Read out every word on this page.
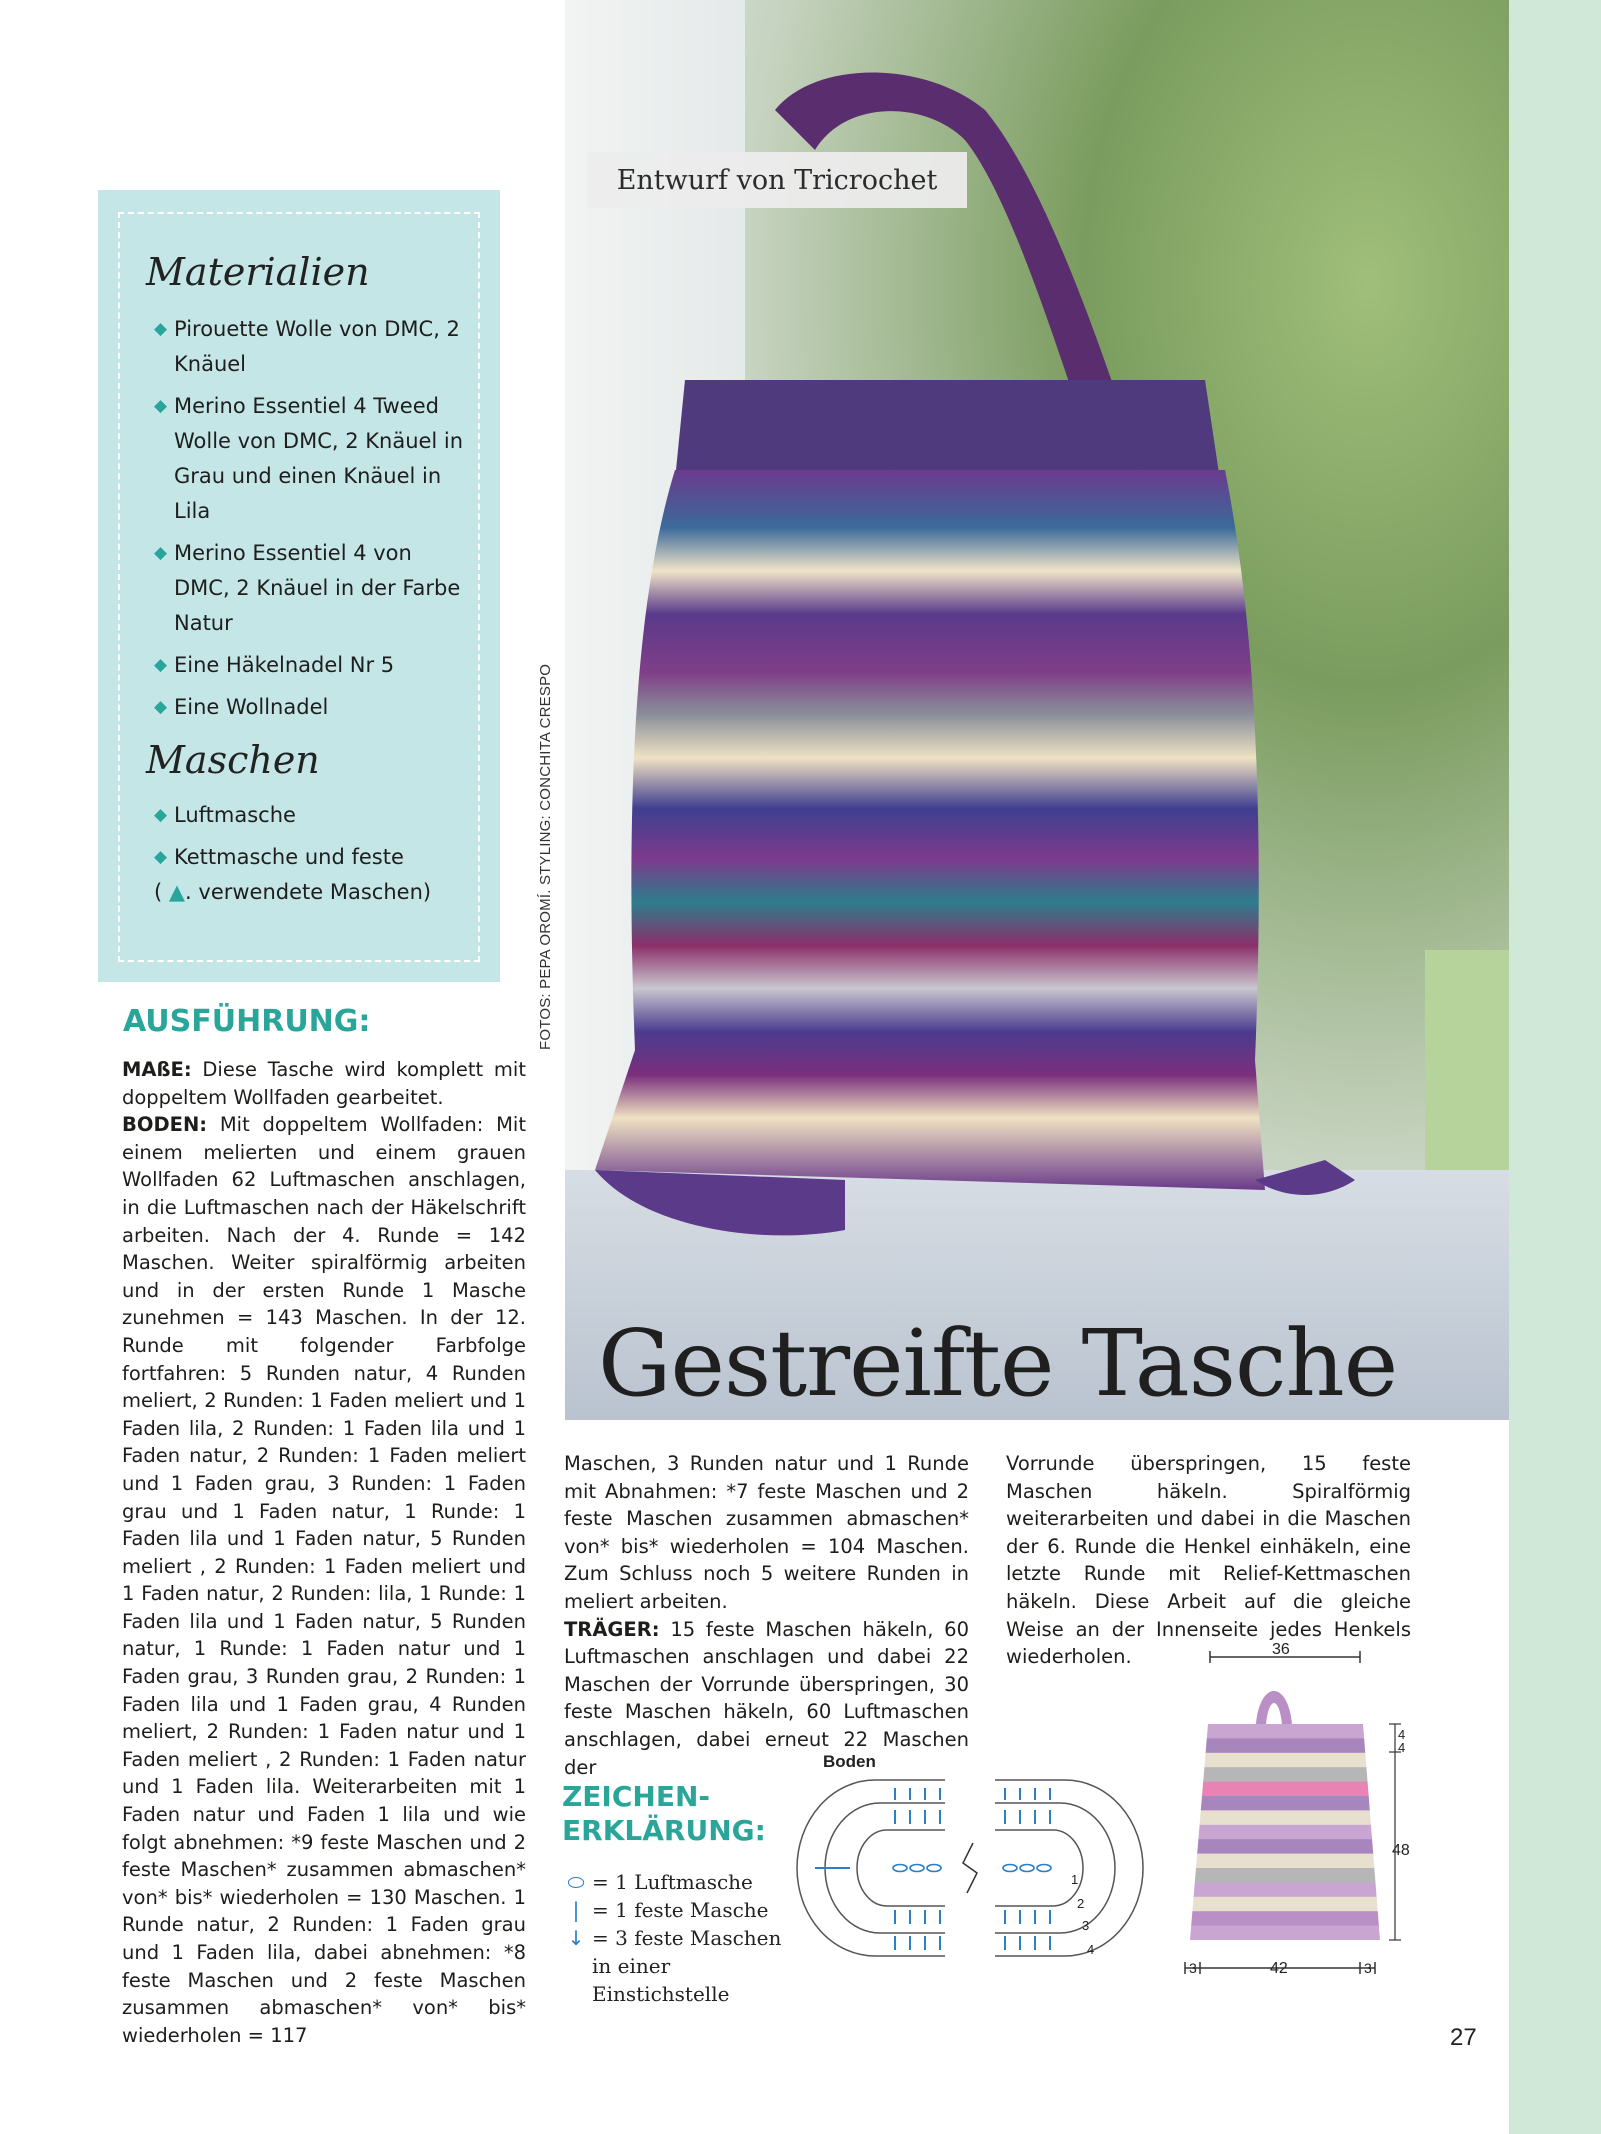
Entwurf von Tricrochet
FOTOS: PEPA OROMÍ. STYLING: CONCHITA CRESPO
Gestreifte Tasche
Materialien
◆ Pirouette Wolle von DMC, 2 Knäuel
◆ Merino Essentiel 4 Tweed Wolle von DMC, 2 Knäuel in Grau und einen Knäuel in Lila
◆ Merino Essentiel 4 von DMC, 2 Knäuel in der Farbe Natur
◆ Eine Häkelnadel Nr 5
◆ Eine Wollnadel
Maschen
◆ Luftmasche
◆ Kettmasche und feste
( ▲. verwendete Maschen)
AUSFÜHRUNG:
MAßE: Diese Tasche wird komplett mit doppeltem Wollfaden gearbeitet.
BODEN: Mit doppeltem Wollfaden: Mit einem melierten und einem grauen Wollfaden 62 Luftmaschen anschlagen, in die Luftmaschen nach der Häkelschrift arbeiten. Nach der 4. Runde = 142 Maschen. Weiter spiralförmig arbeiten und in der ersten Runde 1 Masche zunehmen = 143 Maschen. In der 12. Runde mit folgender Farbfolge fortfahren: 5 Runden natur, 4 Runden meliert, 2 Runden: 1 Faden meliert und 1 Faden lila, 2 Runden: 1 Faden lila und 1 Faden natur, 2 Runden: 1 Faden meliert und 1 Faden grau, 3 Runden: 1 Faden grau und 1 Faden natur, 1 Runde: 1 Faden lila und 1 Faden natur, 5 Runden meliert , 2 Runden: 1 Faden meliert und 1 Faden natur, 2 Runden: lila, 1 Runde: 1 Faden lila und 1 Faden natur, 5 Runden natur, 1 Runde: 1 Faden natur und 1 Faden grau, 3 Runden grau, 2 Runden: 1 Faden lila und 1 Faden grau, 4 Runden meliert, 2 Runden: 1 Faden natur und 1 Faden meliert , 2 Runden: 1 Faden natur und 1 Faden lila. Weiterarbeiten mit 1 Faden natur und Faden 1 lila und wie folgt abnehmen: *9 feste Maschen und 2 feste Maschen* zusammen abmaschen* von* bis* wiederholen = 130 Maschen. 1 Runde natur, 2 Runden: 1 Faden grau und 1 Faden lila, dabei abnehmen: *8 feste Maschen und 2 feste Maschen zusammen abmaschen* von* bis* wiederholen = 117
Maschen, 3 Runden natur und 1 Runde mit Abnahmen: *7 feste Maschen und 2 feste Maschen zusammen abmaschen* von* bis* wiederholen = 104 Maschen. Zum Schluss noch 5 weitere Runden in meliert arbeiten.
TRÄGER: 15 feste Maschen häkeln, 60 Luftmaschen anschlagen und dabei 22 Maschen der Vorrunde überspringen, 30 feste Maschen häkeln, 60 Luftmaschen anschlagen, dabei erneut 22 Maschen der
Vorrunde überspringen, 15 feste Maschen häkeln. Spiralförmig weiterarbeiten und dabei in die Maschen der 6. Runde die Henkel einhäkeln, eine letzte Runde mit Relief-Kettmaschen häkeln. Diese Arbeit auf die gleiche Weise an der Innenseite jedes Henkels wiederholen.
ZEICHEN-
ERKLÄRUNG:
⬭ = 1 Luftmasche
| = 1 feste Masche
↓ = 3 feste Maschen
in einer Einstichstelle
Boden
1
2
3
4
36
4
4
48
3	42	3
27
